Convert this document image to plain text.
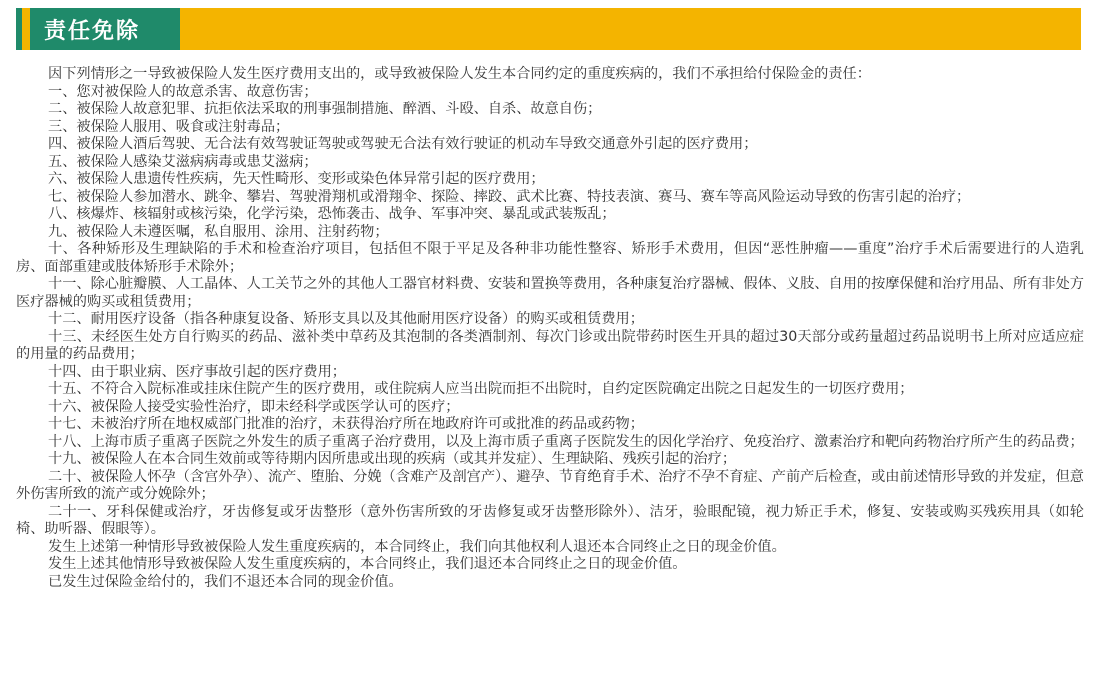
责任免除

因下列情形之一导致被保险人发生医疗费用支出的，或导致被保险人发生本合同约定的重度疾病的，我们不承担给付保险金的责任：

一、您对被保险人的故意杀害、故意伤害；

二、被保险人故意犯罪、抗拒依法采取的刑事强制措施、醉酒、斗殴、自杀、故意自伤；

三、被保险人服用、吸食或注射毒品；

四、被保险人酒后驾驶、无合法有效驾驶证驾驶或驾驶无合法有效行驶证的机动车导致交通意外引起的医疗费用；

五、被保险人感染艾滋病病毒或患艾滋病；

六、被保险人患遗传性疾病，先天性畸形、变形或染色体异常引起的医疗费用；

七、被保险人参加潜水、跳伞、攀岩、驾驶滑翔机或滑翔伞、探险、摔跤、武术比赛、特技表演、赛马、赛车等高风险运动导致的伤害引起的治疗；

八、核爆炸、核辐射或核污染，化学污染，恐怖袭击、战争、军事冲突、暴乱或武装叛乱；

九、被保险人未遵医嘱，私自服用、涂用、注射药物；

十、各种矫形及生理缺陷的手术和检查治疗项目，包括但不限于平足及各种非功能性整容、矫形手术费用，但因“恶性肿瘤——重度”治疗手术后需要进行的人造乳房、面部重建或肢体矫形手术除外；

十一、除心脏瓣膜、人工晶体、人工关节之外的其他人工器官材料费、安装和置换等费用，各种康复治疗器械、假体、义肢、自用的按摩保健和治疗用品、所有非处方医疗器械的购买或租赁费用；

十二、耐用医疗设备（指各种康复设备、矫形支具以及其他耐用医疗设备）的购买或租赁费用；

十三、未经医生处方自行购买的药品、滋补类中草药及其泡制的各类酒制剂、每次门诊或出院带药时医生开具的超过30天部分或药量超过药品说明书上所对应适应症的用量的药品费用；

十四、由于职业病、医疗事故引起的医疗费用；

十五、不符合入院标准或挂床住院产生的医疗费用，或住院病人应当出院而拒不出院时，自约定医院确定出院之日起发生的一切医疗费用；

十六、被保险人接受实验性治疗，即未经科学或医学认可的医疗；

十七、未被治疗所在地权威部门批准的治疗，未获得治疗所在地政府许可或批准的药品或药物；

十八、上海市质子重离子医院之外发生的质子重离子治疗费用，以及上海市质子重离子医院发生的因化学治疗、免疫治疗、激素治疗和靶向药物治疗所产生的药品费；

十九、被保险人在本合同生效前或等待期内因所患或出现的疾病（或其并发症）、生理缺陷、残疾引起的治疗；

二十、被保险人怀孕（含宫外孕）、流产、堕胎、分娩（含难产及剖宫产）、避孕、节育绝育手术、治疗不孕不育症、产前产后检查，或由前述情形导致的并发症，但意外伤害所致的流产或分娩除外；

二十一、牙科保健或治疗，牙齿修复或牙齿整形（意外伤害所致的牙齿修复或牙齿整形除外）、洁牙，验眼配镜，视力矫正手术，修复、安装或购买残疾用具（如轮椅、助听器、假眼等）。

发生上述第一种情形导致被保险人发生重度疾病的，本合同终止，我们向其他权利人退还本合同终止之日的现金价值。

发生上述其他情形导致被保险人发生重度疾病的，本合同终止，我们退还本合同终止之日的现金价值。

已发生过保险金给付的，我们不退还本合同的现金价值。
